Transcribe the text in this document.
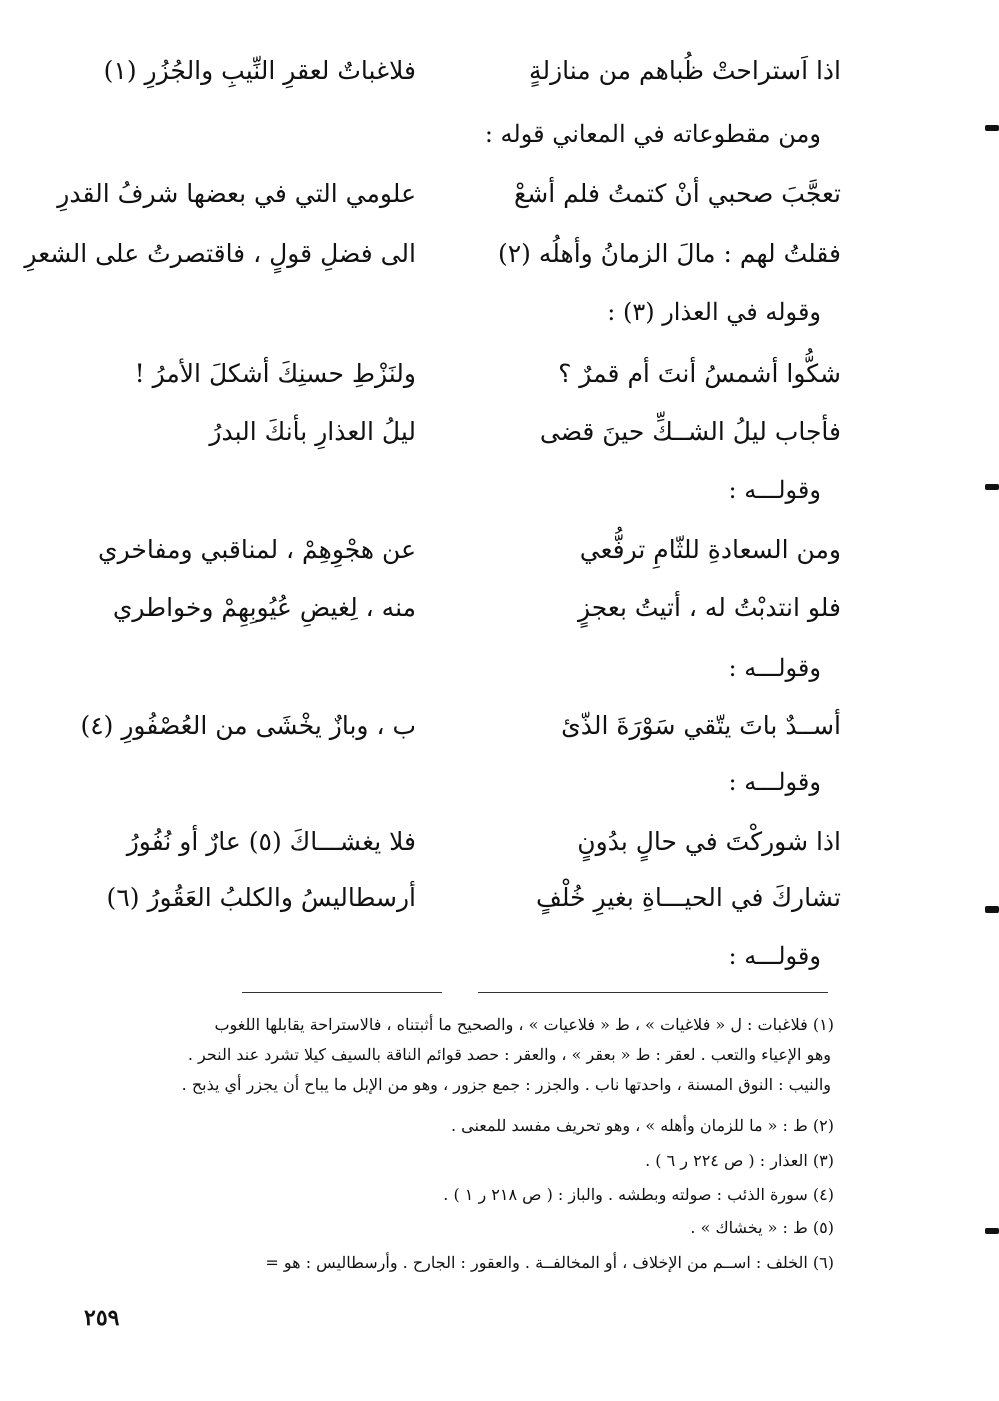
اذا اَستراحتْ ظُباهم من منازلةٍ
فلاغباتٌ لعقرِ النِّيبِ والجُزُرِ (١)
ومن مقطوعاته في المعاني قوله :
تعجَّبَ صحبي أنْ كتمتُ فلم أشعْ
علومي التي في بعضها شرفُ القدرِ
فقلتُ لهم : مالَ الزمانُ وأهلُه (٢)
الى فضلِ قولٍ ، فاقتصرتُ على الشعرِ
وقوله في العذار (٣) :
شكُّوا أشمسُ أنتَ أم قمرٌ ؟
ولنَزْطِ حسنِكَ أشكلَ الأمرُ !
فأجاب ليلُ الشــكِّ حينَ قضى
ليلُ العذارِ بأنكَ البدرُ
وقولـــه :
ومن السعادةِ للثّامِ ترفُّعي
عن هجْوِهِمْ ، لمناقبي ومفاخري
فلو انتدبْتُ له ، أتيتُ بعجزٍ
منه ، لِغيضِ عُيُوبِهِمْ وخواطري
وقولـــه :
أســدٌ باتَ يتّقي سَوْرَةَ الذّئ
ب ، وبازٌ يخْشَى من العُصْفُورِ (٤)
وقولـــه :
اذا شوركْتَ في حالٍ بدُونٍ
فلا يغشـــاكَ (٥) عارٌ أو نُفُورُ
تشاركَ في الحيـــاةِ بغيرِ خُلْفٍ
أرسطاليسُ والكلبُ العَقُورُ (٦)
وقولـــه :
(١) فلاغبات : ل « فلاغيات » ، ط « فلاعيات » ، والصحيح ما أثبتناه ، فالاستراحة يقابلها اللغوب
وهو الإعياء والتعب . لعقر : ط « بعقر » ، والعقر : حصد قوائم الناقة بالسيف كيلا تشرد عند النحر .
والنيب : النوق المسنة ، واحدتها ناب . والجزر : جمع جزور ، وهو من الإبل ما يباح أن يجزر أي يذبح .
(٢) ط : « ما للزمان وأهله » ، وهو تحريف مفسد للمعنى .
(٣) العذار : ( ص ٢٢٤ ر ٦ ) .
(٤) سورة الذئب : صولته وبطشه . والباز : ( ص ٢١٨ ر ١ ) .
(٥) ط : « يخشاك » .
(٦) الخلف : اســم من الإخلاف ، أو المخالفــة . والعقور : الجارح . وأرسطاليس : هو =
٢٥٩
